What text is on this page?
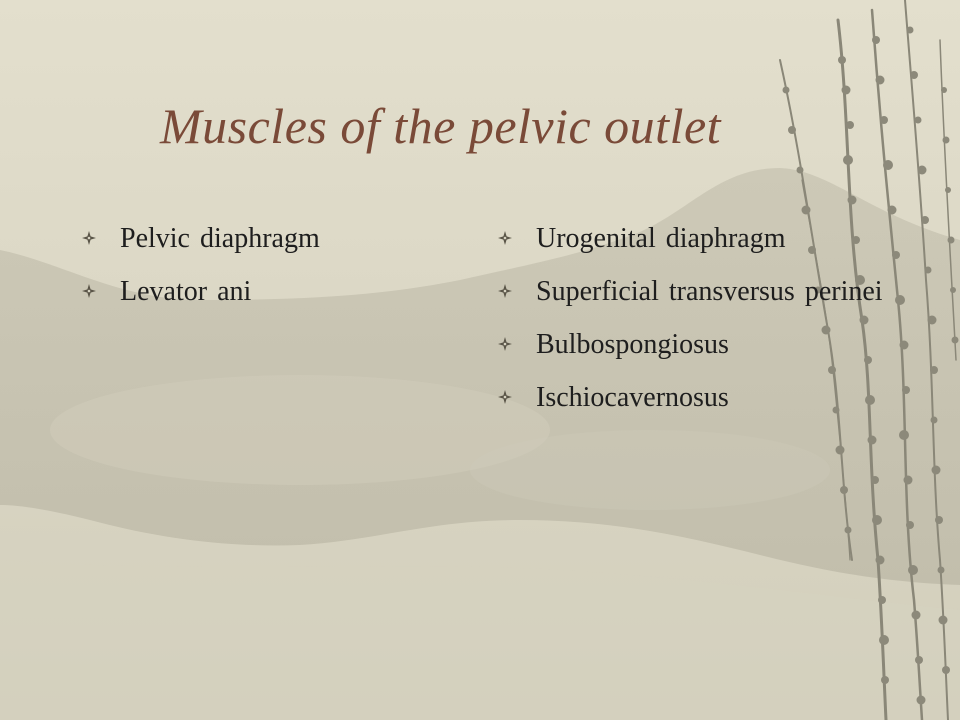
Muscles of the pelvic outlet
Pelvic diaphragm
Levator ani
Urogenital diaphragm
Superficial transversus perinei
Bulbospongiosus
Ischiocavernosus
